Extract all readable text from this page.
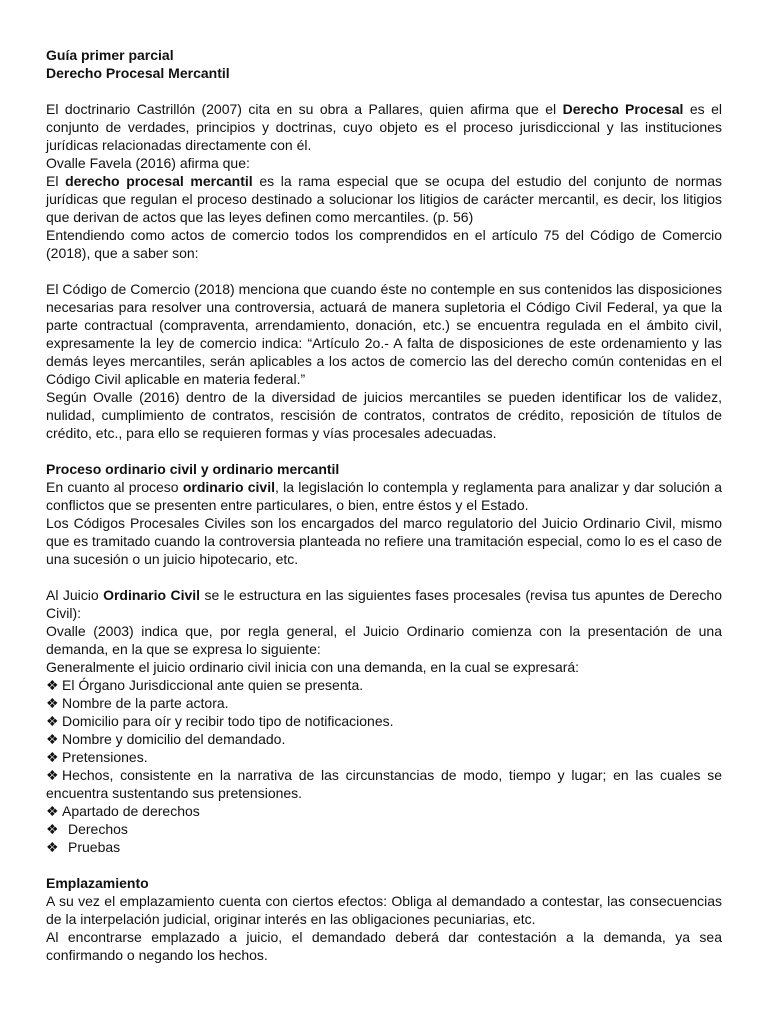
Guía primer parcial
Derecho Procesal Mercantil

El doctrinario Castrillón (2007) cita en su obra a Pallares, quien afirma que el Derecho Procesal es el conjunto de verdades, principios y doctrinas, cuyo objeto es el proceso jurisdiccional y las instituciones jurídicas relacionadas directamente con él.

Ovalle Favela (2016) afirma que:

El derecho procesal mercantil es la rama especial que se ocupa del estudio del conjunto de normas jurídicas que regulan el proceso destinado a solucionar los litigios de carácter mercantil, es decir, los litigios que derivan de actos que las leyes definen como mercantiles. (p. 56)

Entendiendo como actos de comercio todos los comprendidos en el artículo 75 del Código de Comercio (2018), que a saber son:

El Código de Comercio (2018) menciona que cuando éste no contemple en sus contenidos las disposiciones necesarias para resolver una controversia, actuará de manera supletoria el Código Civil Federal, ya que la parte contractual (compraventa, arrendamiento, donación, etc.) se encuentra regulada en el ámbito civil, expresamente la ley de comercio indica: “Artículo 2o.- A falta de disposiciones de este ordenamiento y las demás leyes mercantiles, serán aplicables a los actos de comercio las del derecho común contenidas en el Código Civil aplicable en materia federal.”

Según Ovalle (2016) dentro de la diversidad de juicios mercantiles se pueden identificar los de validez, nulidad, cumplimiento de contratos, rescisión de contratos, contratos de crédito, reposición de títulos de crédito, etc., para ello se requieren formas y vías procesales adecuadas.

Proceso ordinario civil y ordinario mercantil

En cuanto al proceso ordinario civil, la legislación lo contempla y reglamenta para analizar y dar solución a conflictos que se presenten entre particulares, o bien, entre éstos y el Estado.

Los Códigos Procesales Civiles son los encargados del marco regulatorio del Juicio Ordinario Civil, mismo que es tramitado cuando la controversia planteada no refiere una tramitación especial, como lo es el caso de una sucesión o un juicio hipotecario, etc.

Al Juicio Ordinario Civil se le estructura en las siguientes fases procesales (revisa tus apuntes de Derecho Civil):

Ovalle (2003) indica que, por regla general, el Juicio Ordinario comienza con la presentación de una demanda, en la que se expresa lo siguiente:

Generalmente el juicio ordinario civil inicia con una demanda, en la cual se expresará:

❖ El Órgano Jurisdiccional ante quien se presenta.
❖ Nombre de la parte actora.
❖ Domicilio para oír y recibir todo tipo de notificaciones.
❖ Nombre y domicilio del demandado.
❖ Pretensiones.
❖ Hechos, consistente en la narrativa de las circunstancias de modo, tiempo y lugar; en las cuales se encuentra sustentando sus pretensiones.
❖ Apartado de derechos
❖ Derechos
❖ Pruebas
Emplazamiento

A su vez el emplazamiento cuenta con ciertos efectos: Obliga al demandado a contestar, las consecuencias de la interpelación judicial, originar interés en las obligaciones pecuniarias, etc.

Al encontrarse emplazado a juicio, el demandado deberá dar contestación a la demanda, ya sea confirmando o negando los hechos.
